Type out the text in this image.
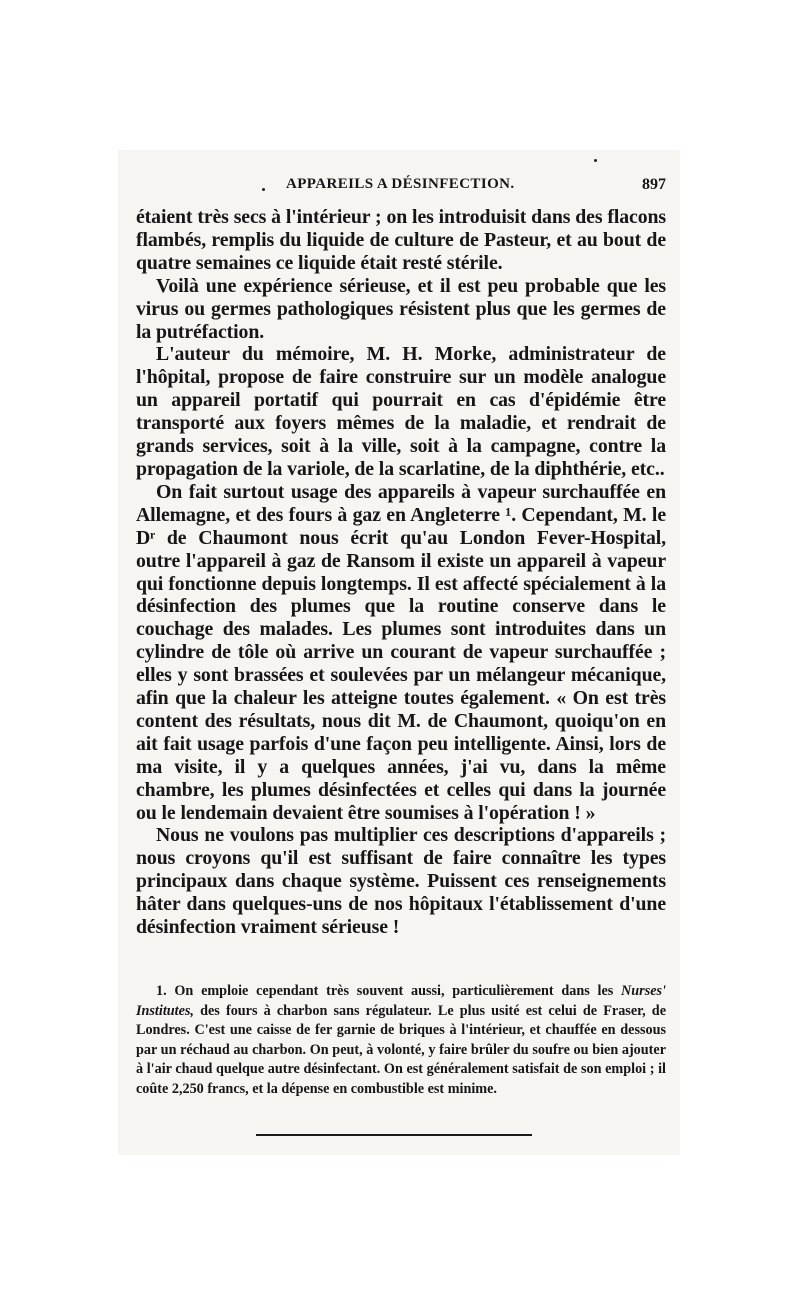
APPAREILS A DÉSINFECTION.	897

étaient très secs à l'intérieur ; on les introduisit dans des flacons flambés, remplis du liquide de culture de Pasteur, et au bout de quatre semaines ce liquide était resté stérile.

Voilà une expérience sérieuse, et il est peu probable que les virus ou germes pathologiques résistent plus que les germes de la putréfaction.

L'auteur du mémoire, M. H. Morke, administrateur de l'hôpital, propose de faire construire sur un modèle analogue un appareil portatif qui pourrait en cas d'épidémie être transporté aux foyers mêmes de la maladie, et rendrait de grands services, soit à la ville, soit à la campagne, contre la propagation de la variole, de la scarlatine, de la diphthérie, etc..

On fait surtout usage des appareils à vapeur surchauffée en Allemagne, et des fours à gaz en Angleterre ¹. Cependant, M. le Dʳ de Chaumont nous écrit qu'au London Fever-Hospital, outre l'appareil à gaz de Ransom il existe un appareil à vapeur qui fonctionne depuis longtemps. Il est affecté spécialement à la désinfection des plumes que la routine conserve dans le couchage des malades. Les plumes sont introduites dans un cylindre de tôle où arrive un courant de vapeur surchauffée ; elles y sont brassées et soulevées par un mélangeur mécanique, afin que la chaleur les atteigne toutes également. « On est très content des résultats, nous dit M. de Chaumont, quoiqu'on en ait fait usage parfois d'une façon peu intelligente. Ainsi, lors de ma visite, il y a quelques années, j'ai vu, dans la même chambre, les plumes désinfectées et celles qui dans la journée ou le lendemain devaient être soumises à l'opération ! »

Nous ne voulons pas multiplier ces descriptions d'appareils ; nous croyons qu'il est suffisant de faire connaître les types principaux dans chaque système. Puissent ces renseignements hâter dans quelques-uns de nos hôpitaux l'établissement d'une désinfection vraiment sérieuse !

1. On emploie cependant très souvent aussi, particulièrement dans les Nurses' Institutes, des fours à charbon sans régulateur. Le plus usité est celui de Fraser, de Londres. C'est une caisse de fer garnie de briques à l'intérieur, et chauffée en dessous par un réchaud au charbon. On peut, à volonté, y faire brûler du soufre ou bien ajouter à l'air chaud quelque autre désinfectant. On est généralement satisfait de son emploi ; il coûte 2,250 francs, et la dépense en combustible est minime.
